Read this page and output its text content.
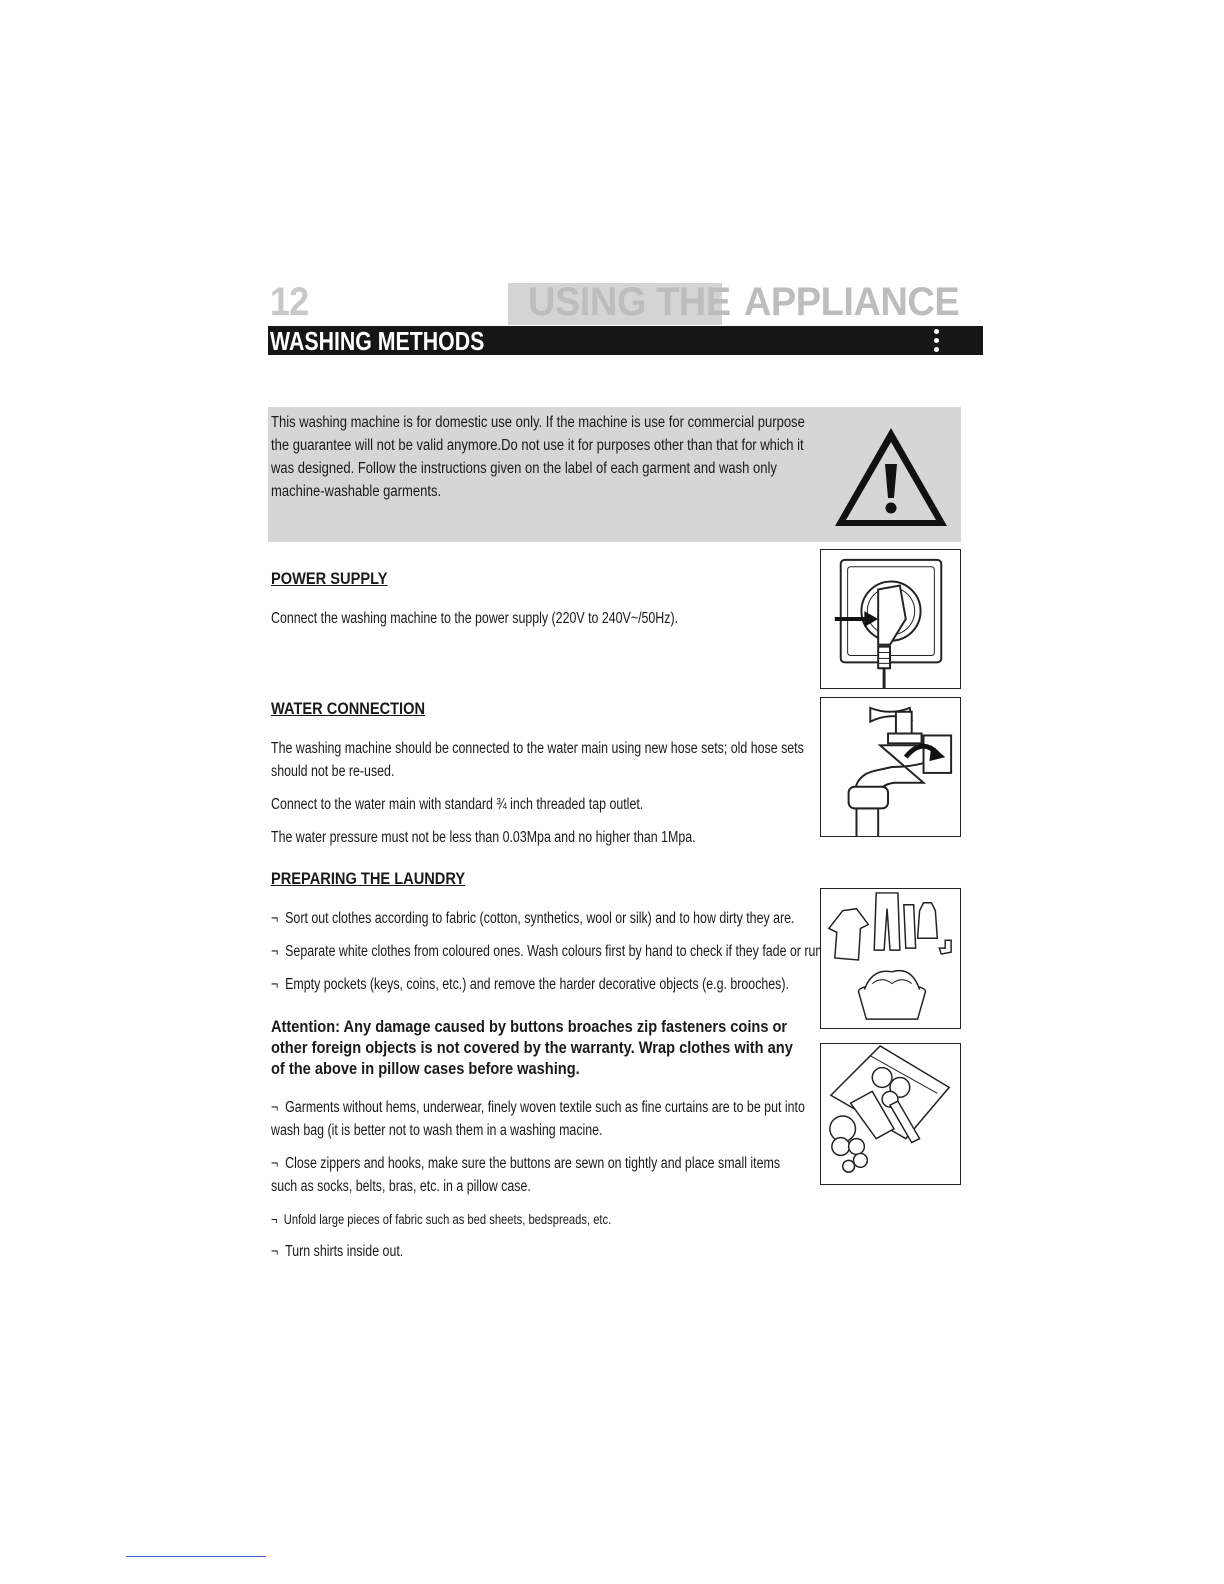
12	USING THE APPLIANCE
WASHING METHODS
This washing machine is for domestic use only. If the machine is use for commercial purpose the guarantee will not be valid anymore.Do not use it for purposes other than that for which it was designed. Follow the instructions given on the label of each garment and wash only machine-washable garments.
POWER SUPPLY
Connect the washing machine to the power supply (220V to 240V~/50Hz).
WATER CONNECTION
The washing machine should be connected to the water main using new hose sets; old hose sets should not be re-used.
Connect to the water main with standard ¾ inch threaded tap outlet.
The water pressure must not be less than 0.03Mpa and no higher than 1Mpa.
PREPARING THE LAUNDRY
¬ Sort out clothes according to fabric (cotton, synthetics, wool or silk) and to how dirty they are.
¬ Separate white clothes from coloured ones. Wash colours first by hand to check if they fade or run.
¬ Empty pockets (keys, coins, etc.) and remove the harder decorative objects (e.g. brooches).
Attention: Any damage caused by buttons broaches zip fasteners coins or other foreign objects is not covered by the warranty. Wrap clothes with any of the above in pillow cases before washing.
¬ Garments without hems, underwear, finely woven textile such as fine curtains are to be put into wash bag (it is better not to wash them in a washing macine.
¬ Close zippers and hooks, make sure the buttons are sewn on tightly and place small items such as socks, belts, bras, etc. in a pillow case.
¬ Unfold large pieces of fabric such as bed sheets, bedspreads, etc.
¬ Turn shirts inside out.
